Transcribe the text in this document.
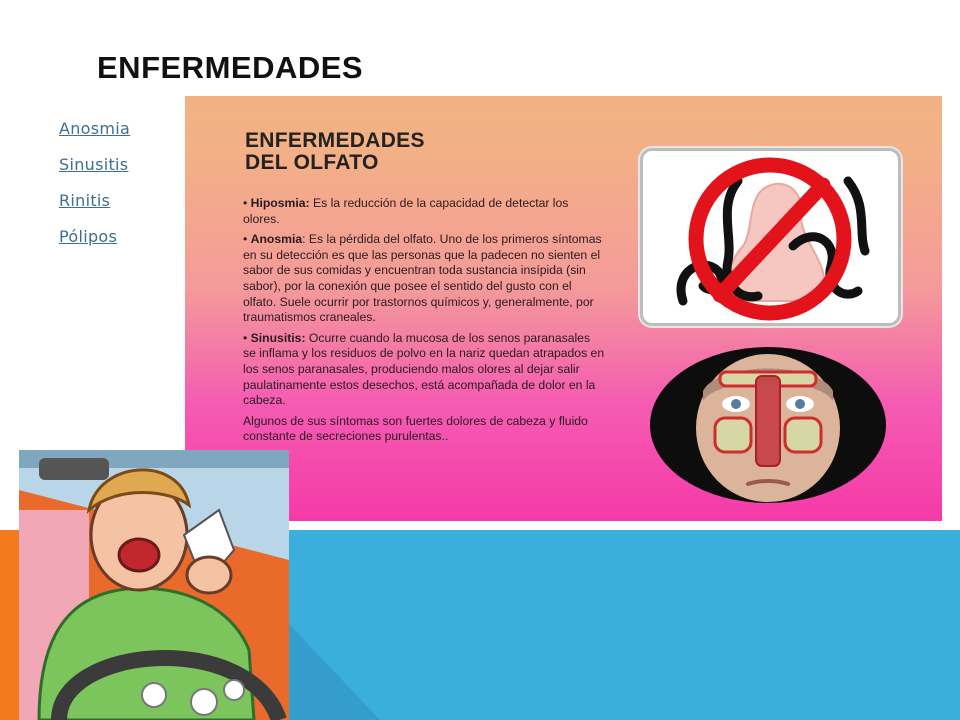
ENFERMEDADES
Anosmia
Sinusitis
Rinitis
Pólipos
ENFERMEDADES
DEL OLFATO

• Hiposmia: Es la reducción de la capacidad de detectar los olores.

• Anosmia: Es la pérdida del olfato. Uno de los primeros síntomas en su detección es que las personas que la padecen no sienten el sabor de sus comidas y encuentran toda sustancia insípida (sin sabor), por la conexión que posee el sentido del gusto con el olfato. Suele ocurrir por trastornos químicos y, generalmente, por traumatismos craneales.

• Sinusitis: Ocurre cuando la mucosa de los senos paranasales se inflama y los residuos de polvo en la nariz quedan atrapados en los senos paranasales, produciendo malos olores al dejar salir paulatinamente estos desechos, está acompañada de dolor en la cabeza.

Algunos de sus síntomas son fuertes dolores de cabeza y fluido constante de secreciones purulentas..
